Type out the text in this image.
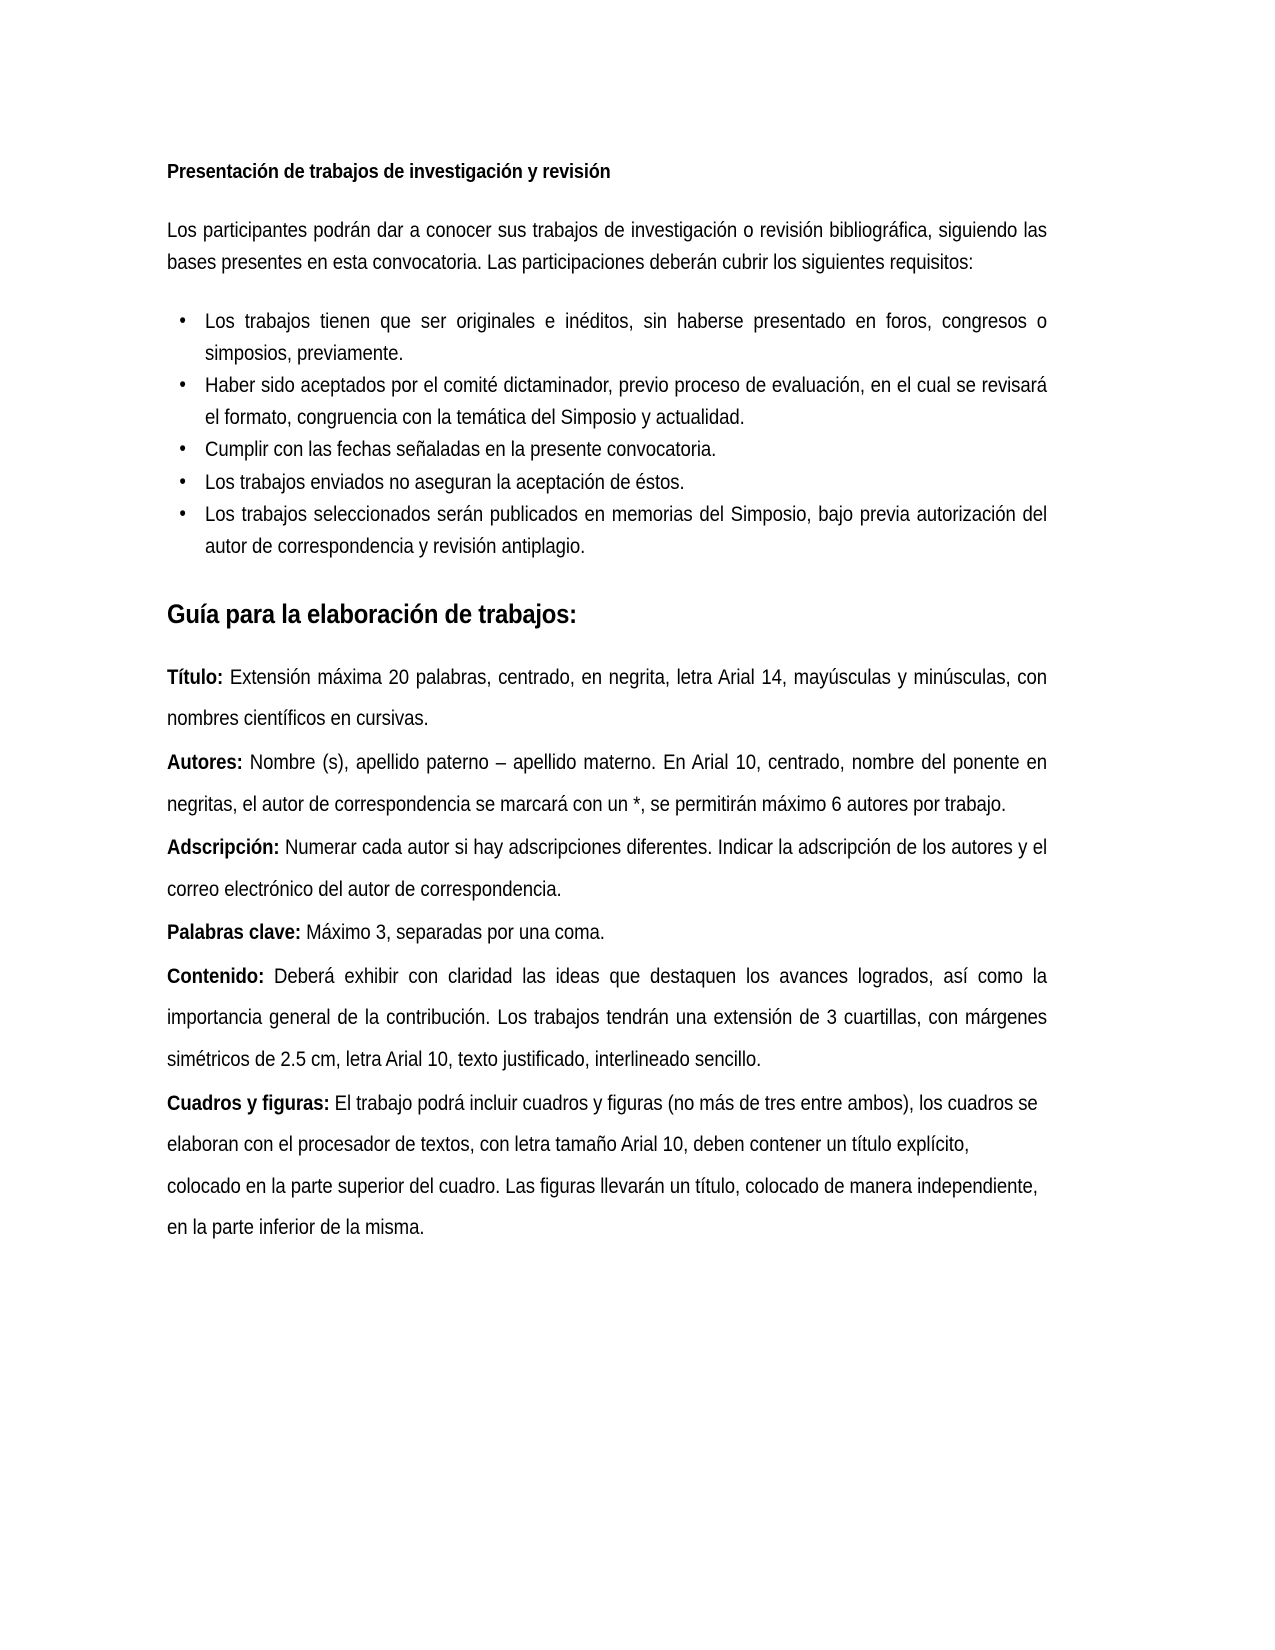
Presentación de trabajos de investigación y revisión

Los participantes podrán dar a conocer sus trabajos de investigación o revisión bibliográfica, siguiendo las bases presentes en esta convocatoria. Las participaciones deberán cubrir los siguientes requisitos:

• Los trabajos tienen que ser originales e inéditos, sin haberse presentado en foros, congresos o simposios, previamente.
• Haber sido aceptados por el comité dictaminador, previo proceso de evaluación, en el cual se revisará el formato, congruencia con la temática del Simposio y actualidad.
• Cumplir con las fechas señaladas en la presente convocatoria.
• Los trabajos enviados no aseguran la aceptación de éstos.
• Los trabajos seleccionados serán publicados en memorias del Simposio, bajo previa autorización del autor de correspondencia y revisión antiplagio.
Guía para la elaboración de trabajos:

Título: Extensión máxima 20 palabras, centrado, en negrita, letra Arial 14, mayúsculas y minúsculas, con nombres científicos en cursivas.

Autores: Nombre (s), apellido paterno – apellido materno. En Arial 10, centrado, nombre del ponente en negritas, el autor de correspondencia se marcará con un *, se permitirán máximo 6 autores por trabajo.

Adscripción: Numerar cada autor si hay adscripciones diferentes. Indicar la adscripción de los autores y el correo electrónico del autor de correspondencia.

Palabras clave: Máximo 3, separadas por una coma.

Contenido: Deberá exhibir con claridad las ideas que destaquen los avances logrados, así como la importancia general de la contribución. Los trabajos tendrán una extensión de 3 cuartillas, con márgenes simétricos de 2.5 cm, letra Arial 10, texto justificado, interlineado sencillo.

Cuadros y figuras: El trabajo podrá incluir cuadros y figuras (no más de tres entre ambos), los cuadros se elaboran con el procesador de textos, con letra tamaño Arial 10, deben contener un título explícito, colocado en la parte superior del cuadro. Las figuras llevarán un título, colocado de manera independiente, en la parte inferior de la misma.
